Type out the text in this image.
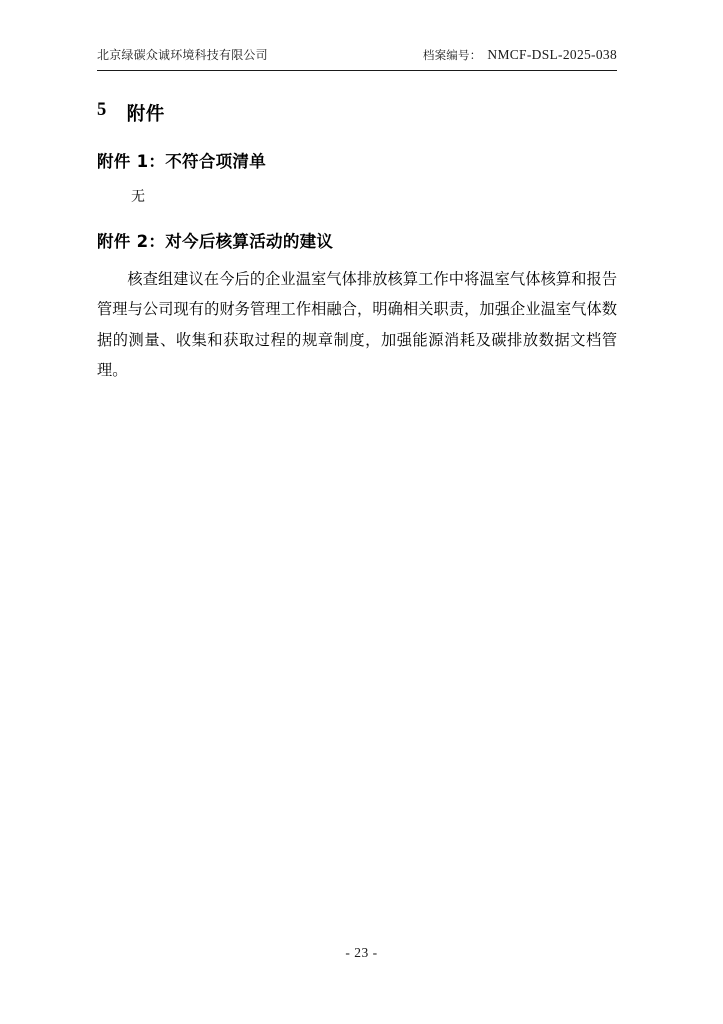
北京绿碳众诚环境科技有限公司	档案编号： NMCF-DSL-2025-038
5 附件
附件 1：不符合项清单
无
附件 2：对今后核算活动的建议
核查组建议在今后的企业温室气体排放核算工作中将温室气体核算和报告管理与公司现有的财务管理工作相融合，明确相关职责，加强企业温室气体数据的测量、收集和获取过程的规章制度，加强能源消耗及碳排放数据文档管理。
- 23 -
